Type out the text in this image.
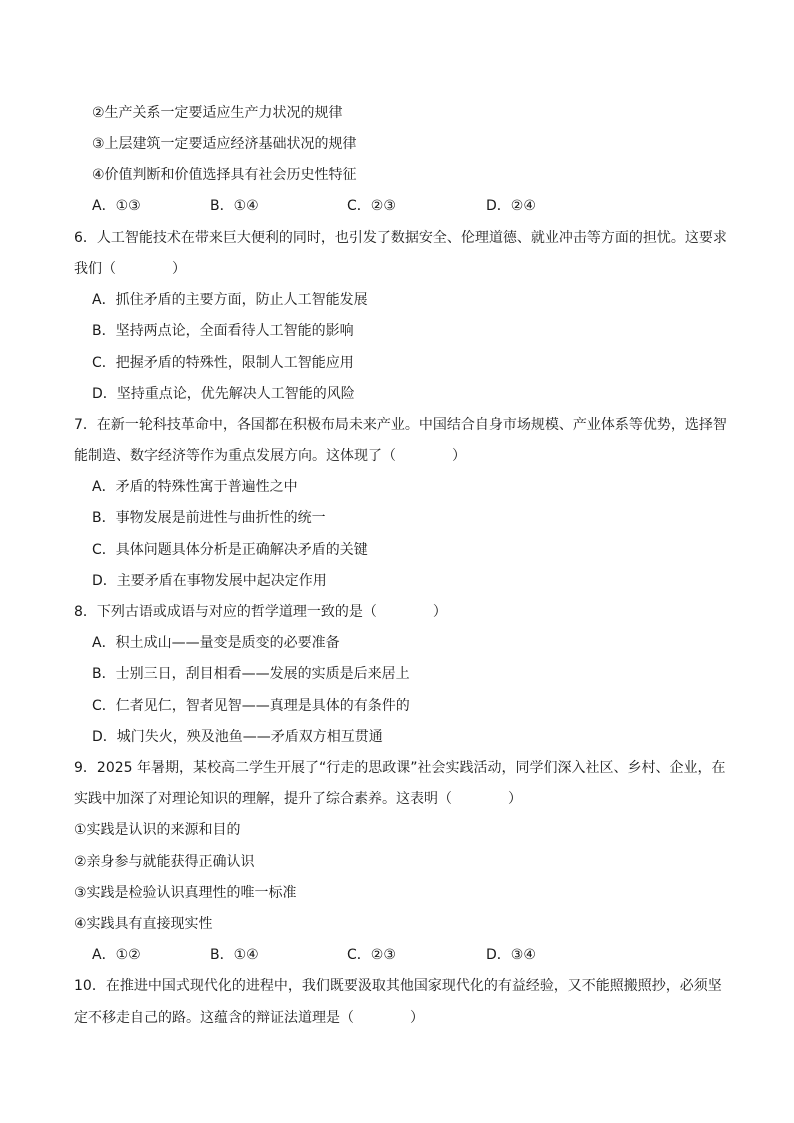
②生产关系一定要适应生产力状况的规律
③上层建筑一定要适应经济基础状况的规律
④价值判断和价值选择具有社会历史性特征
A．①③	B．①④	C．②③	D．②④
6．人工智能技术在带来巨大便利的同时，也引发了数据安全、伦理道德、就业冲击等方面的担忧。这要求
我们（　　　　）
A．抓住矛盾的主要方面，防止人工智能发展
B．坚持两点论，全面看待人工智能的影响
C．把握矛盾的特殊性，限制人工智能应用
D．坚持重点论，优先解决人工智能的风险
7．在新一轮科技革命中，各国都在积极布局未来产业。中国结合自身市场规模、产业体系等优势，选择智
能制造、数字经济等作为重点发展方向。这体现了（　　　　）
A．矛盾的特殊性寓于普遍性之中
B．事物发展是前进性与曲折性的统一
C．具体问题具体分析是正确解决矛盾的关键
D．主要矛盾在事物发展中起决定作用
8．下列古语或成语与对应的哲学道理一致的是（　　　　）
A．积土成山——量变是质变的必要准备
B．士别三日，刮目相看——发展的实质是后来居上
C．仁者见仁，智者见智——真理是具体的有条件的
D．城门失火，殃及池鱼——矛盾双方相互贯通
9．2025 年暑期，某校高二学生开展了“行走的思政课”社会实践活动，同学们深入社区、乡村、企业，在
实践中加深了对理论知识的理解，提升了综合素养。这表明（　　　　）
①实践是认识的来源和目的
②亲身参与就能获得正确认识
③实践是检验认识真理性的唯一标准
④实践具有直接现实性
A．①②	B．①④	C．②③	D．③④
10．在推进中国式现代化的进程中，我们既要汲取其他国家现代化的有益经验，又不能照搬照抄，必须坚
定不移走自己的路。这蕴含的辩证法道理是（　　　　）
